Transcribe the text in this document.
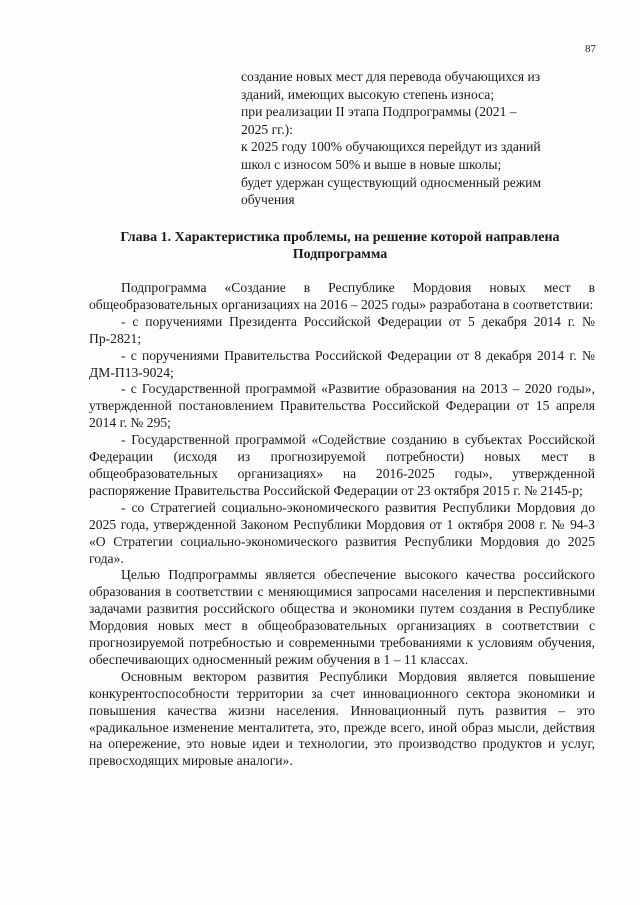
87
создание новых мест для перевода обучающихся из
зданий, имеющих высокую степень износа;
при реализации II этапа Подпрограммы (2021 –
2025 гг.):
к 2025 году 100% обучающихся перейдут из зданий
школ с износом 50% и выше в новые школы;
будет удержан существующий односменный режим
обучения
Глава 1. Характеристика проблемы, на решение которой направлена
Подпрограмма

Подпрограмма «Создание в Республике Мордовия новых мест в общеобразовательных организациях на 2016 – 2025 годы» разработана в соответствии:

- с поручениями Президента Российской Федерации от 5 декабря 2014 г. № Пр-2821;

- с поручениями Правительства Российской Федерации от 8 декабря 2014 г. № ДМ-П13-9024;

- с Государственной программой «Развитие образования на 2013 – 2020 годы», утвержденной постановлением Правительства Российской Федерации от 15 апреля 2014 г. № 295;

- Государственной программой «Содействие созданию в субъектах Российской Федерации (исходя из прогнозируемой потребности) новых мест в общеобразовательных организациях» на 2016-2025 годы», утвержденной распоряжение Правительства Российской Федерации от 23 октября 2015 г. № 2145-р;

- со Стратегией социально-экономического развития Республики Мордовия до 2025 года, утвержденной Законом Республики Мордовия от 1 октября 2008 г. № 94-З «О Стратегии социально-экономического развития Республики Мордовия до 2025 года».

Целью Подпрограммы является обеспечение высокого качества российского образования в соответствии с меняющимися запросами населения и перспективными задачами развития российского общества и экономики путем создания в Республике Мордовия новых мест в общеобразовательных организациях в соответствии с прогнозируемой потребностью и современными требованиями к условиям обучения, обеспечивающих односменный режим обучения в 1 – 11 классах.

Основным вектором развития Республики Мордовия является повышение конкурентоспособности территории за счет инновационного сектора экономики и повышения качества жизни населения. Инновационный путь развития – это «радикальное изменение менталитета, это, прежде всего, иной образ мысли, действия на опережение, это новые идеи и технологии, это производство продуктов и услуг, превосходящих мировые аналоги».
